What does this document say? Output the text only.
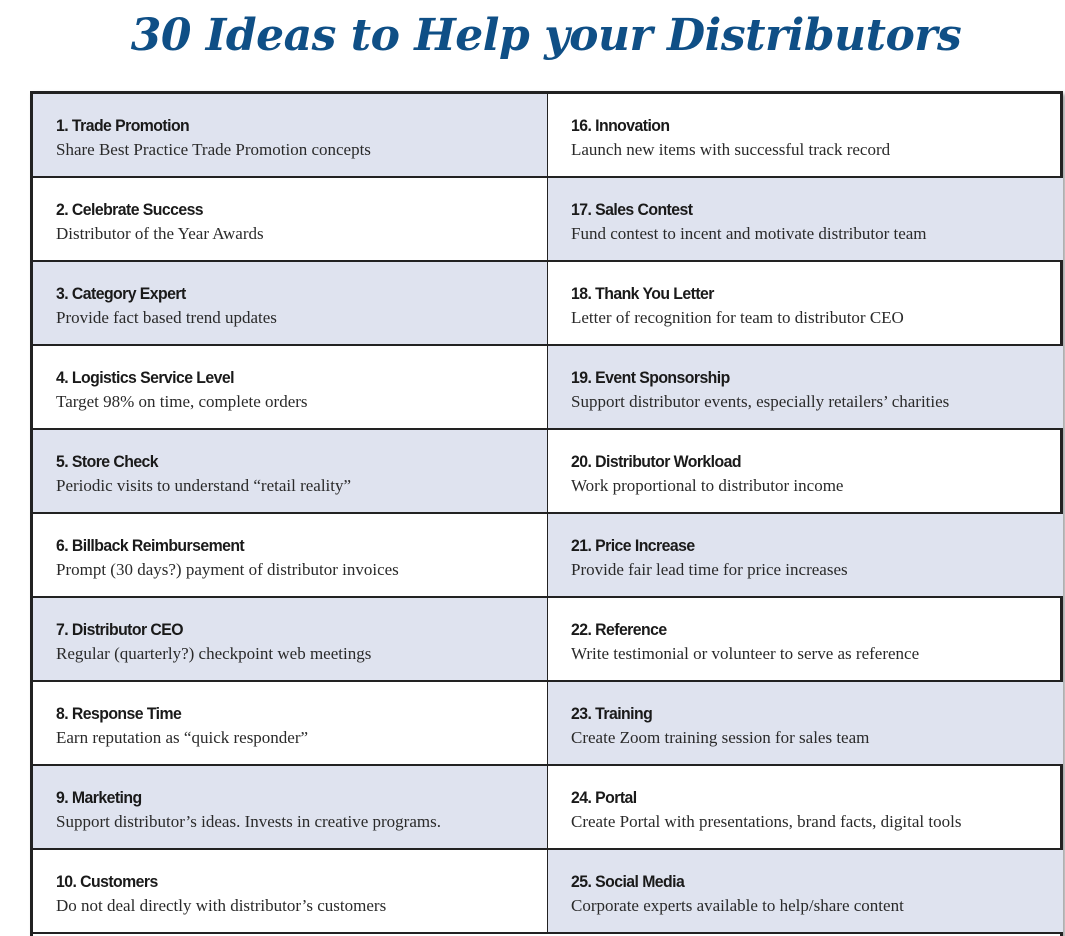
30 Ideas to Help your Distributors
1. Trade Promotion
Share Best Practice Trade Promotion concepts
16. Innovation
Launch new items with successful track record
2. Celebrate Success
Distributor of the Year Awards
17. Sales Contest
Fund contest to incent and motivate distributor team
3. Category Expert
Provide fact based trend updates
18. Thank You Letter
Letter of recognition for team to distributor CEO
4. Logistics Service Level
Target 98% on time, complete orders
19. Event Sponsorship
Support distributor events, especially retailers’ charities
5. Store Check
Periodic visits to understand “retail reality”
20. Distributor Workload
Work proportional to distributor income
6. Billback Reimbursement
Prompt (30 days?) payment of distributor invoices
21. Price Increase
Provide fair lead time for price increases
7. Distributor CEO
Regular (quarterly?) checkpoint web meetings
22. Reference
Write testimonial or volunteer to serve as reference
8. Response Time
Earn reputation as “quick responder”
23. Training
Create Zoom training session for sales team
9. Marketing
Support distributor’s ideas. Invests in creative programs.
24. Portal
Create Portal with presentations, brand facts, digital tools
10. Customers
Do not deal directly with distributor’s customers
25. Social Media
Corporate experts available to help/share content
